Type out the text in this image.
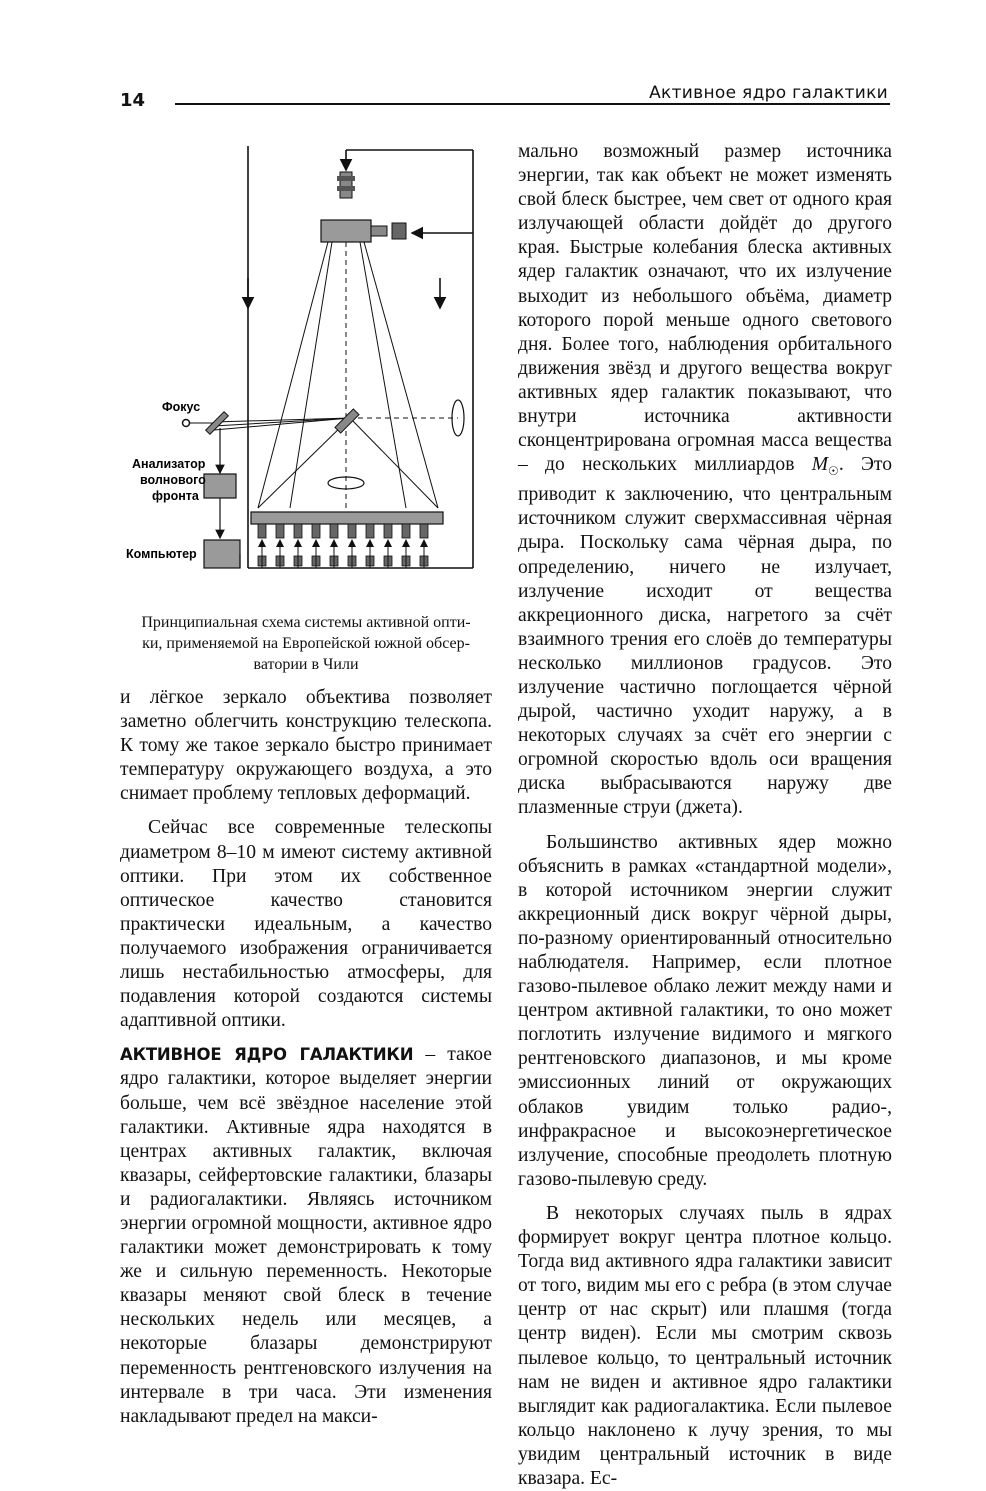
14	Активное ядро галактики
Фокус
Анализатор
волнового
фронта
Компьютер
Принципиальная схема системы активной опти-
ки, применяемой на Европейской южной обсер-
ватории в Чили

и лёгкое зеркало объектива позволяет заметно облегчить конструкцию телескопа. К тому же такое зеркало быстро принимает температуру окружающего воздуха, а это снимает проблему тепловых деформаций.

Сейчас все современные телескопы диаметром 8–10 м имеют систему активной оптики. При этом их собственное оптическое качество становится практически идеальным, а качество получаемого изображения ограничивается лишь нестабильностью атмосферы, для подавления которой создаются системы адаптивной оптики.

АКТИВНОЕ ЯДРО ГАЛАКТИКИ – такое ядро галактики, которое выделяет энергии больше, чем всё звёздное население этой галактики. Активные ядра находятся в центрах активных галактик, включая квазары, сейфертовские галактики, блазары и радиогалактики. Являясь источником энергии огромной мощности, активное ядро галактики может демонстрировать к тому же и сильную переменность. Некоторые квазары меняют свой блеск в течение нескольких недель или месяцев, а некоторые блазары демонстрируют переменность рентгеновского излучения на интервале в три часа. Эти изменения накладывают предел на макси-

мально возможный размер источника энергии, так как объект не может изменять свой блеск быстрее, чем свет от одного края излучающей области дойдёт до другого края. Быстрые колебания блеска активных ядер галактик означают, что их излучение выходит из небольшого объёма, диаметр которого порой меньше одного светового дня. Более того, наблюдения орбитального движения звёзд и другого вещества вокруг активных ядер галактик показывают, что внутри источника активности сконцентрирована огромная масса вещества – до нескольких миллиардов $M_☉$. Это приводит к заключению, что центральным источником служит сверхмассивная чёрная дыра. Поскольку сама чёрная дыра, по определению, ничего не излучает, излучение исходит от вещества аккреционного диска, нагретого за счёт взаимного трения его слоёв до температуры несколько миллионов градусов. Это излучение частично поглощается чёрной дырой, частично уходит наружу, а в некоторых случаях за счёт его энергии с огромной скоростью вдоль оси вращения диска выбрасываются наружу две плазменные струи (джета).

Большинство активных ядер можно объяснить в рамках «стандартной модели», в которой источником энергии служит аккреционный диск вокруг чёрной дыры, по-разному ориентированный относительно наблюдателя. Например, если плотное газово-пылевое облако лежит между нами и центром активной галактики, то оно может поглотить излучение видимого и мягкого рентгеновского диапазонов, и мы кроме эмиссионных линий от окружающих облаков увидим только радио-, инфракрасное и высокоэнергетическое излучение, способные преодолеть плотную газово-пылевую среду.

В некоторых случаях пыль в ядрах формирует вокруг центра плотное кольцо. Тогда вид активного ядра галактики зависит от того, видим мы его с ребра (в этом случае центр от нас скрыт) или плашмя (тогда центр виден). Если мы смотрим сквозь пылевое кольцо, то центральный источник нам не виден и активное ядро галактики выглядит как радиогалактика. Если пылевое кольцо наклонено к лучу зрения, то мы увидим центральный источник в виде квазара. Ес-
